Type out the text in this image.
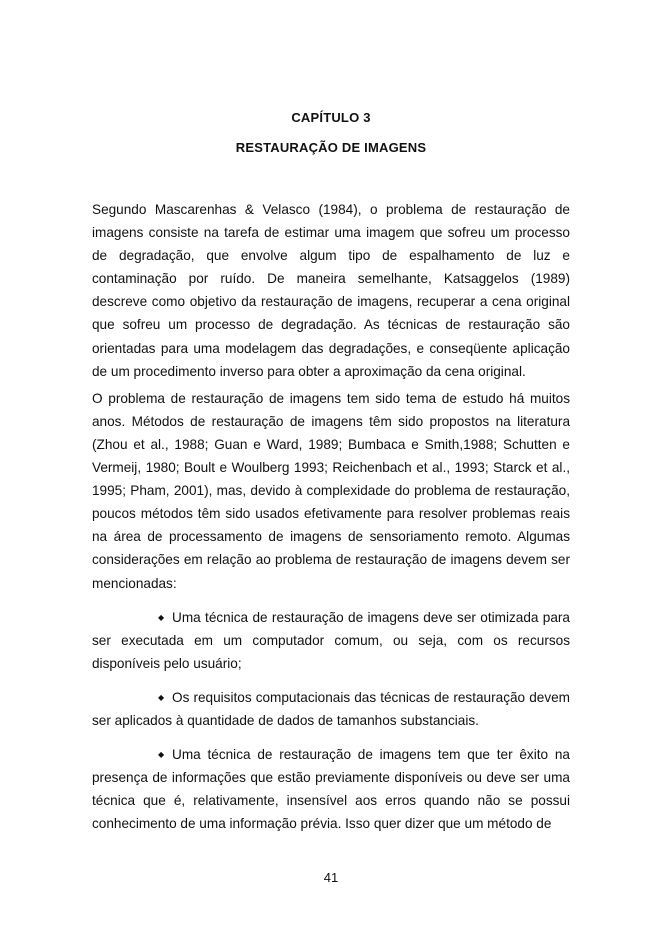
CAPÍTULO 3
RESTAURAÇÃO DE IMAGENS

Segundo Mascarenhas & Velasco (1984), o problema de restauração de imagens consiste na tarefa de estimar uma imagem que sofreu um processo de degradação, que envolve algum tipo de espalhamento de luz e contaminação por ruído. De maneira semelhante, Katsaggelos (1989) descreve como objetivo da restauração de imagens, recuperar a cena original que sofreu um processo de degradação. As técnicas de restauração são orientadas para uma modelagem das degradações, e conseqüente aplicação de um procedimento inverso para obter a aproximação da cena original.

O problema de restauração de imagens tem sido tema de estudo há muitos anos. Métodos de restauração de imagens têm sido propostos na literatura (Zhou et al., 1988; Guan e Ward, 1989; Bumbaca e Smith,1988; Schutten e Vermeij, 1980; Boult e Woulberg 1993; Reichenbach et al., 1993; Starck et al., 1995; Pham, 2001), mas, devido à complexidade do problema de restauração, poucos métodos têm sido usados efetivamente para resolver problemas reais na área de processamento de imagens de sensoriamento remoto. Algumas considerações em relação ao problema de restauração de imagens devem ser mencionadas:

◆ Uma técnica de restauração de imagens deve ser otimizada para ser executada em um computador comum, ou seja, com os recursos disponíveis pelo usuário;

◆ Os requisitos computacionais das técnicas de restauração devem ser aplicados à quantidade de dados de tamanhos substanciais.

◆ Uma técnica de restauração de imagens tem que ter êxito na presença de informações que estão previamente disponíveis ou deve ser uma técnica que é, relativamente, insensível aos erros quando não se possui conhecimento de uma informação prévia. Isso quer dizer que um método de

41
